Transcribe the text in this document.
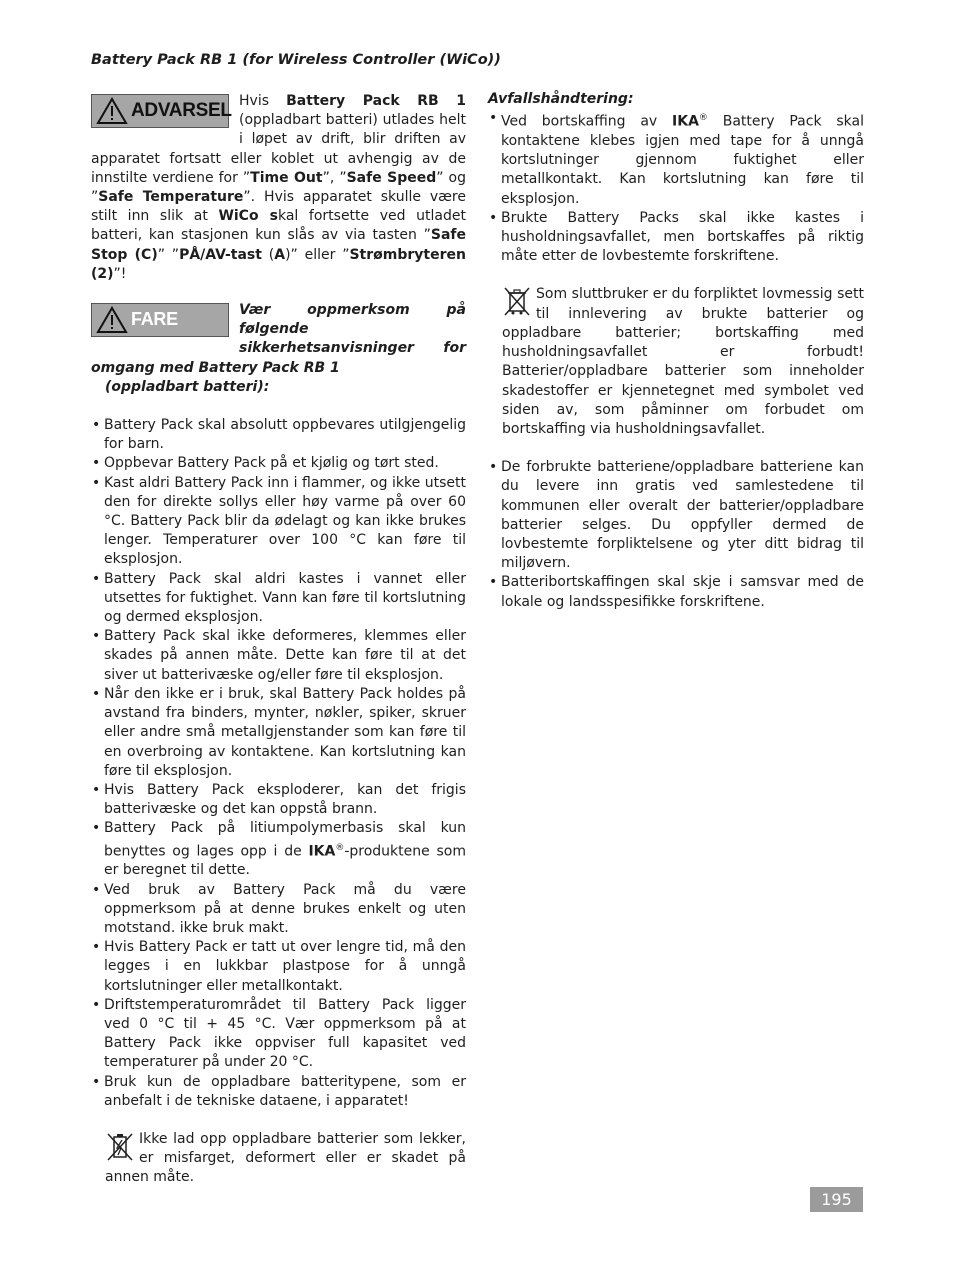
Battery Pack RB 1 (for Wireless Controller (WiCo))
ADVARSEL Hvis Battery Pack RB 1 (oppladbart batteri) utlades helt i løpet av drift, blir driften av apparatet fortsatt eller koblet ut avhengig av de innstilte verdiene for ”Time Out”, ”Safe Speed” og ”Safe Temperature”. Hvis apparatet skulle være stilt inn slik at WiCo skal fortsette ved utladet batteri, kan stasjonen kun slås av via tasten ”Safe Stop (C)” ”PÅ/AV-tast (A)” eller ”Strømbryteren (2)”!

FARE	Vær oppmerksom på følgende sikkerhetsanvisninger for omgang med Battery Pack RB 1

(oppladbart batteri):

• Battery Pack skal absolutt oppbevares utilgjengelig for barn.
• Oppbevar Battery Pack på et kjølig og tørt sted.
• Kast aldri Battery Pack inn i flammer, og ikke utsett den for direkte sollys eller høy varme på over 60 °C. Battery Pack blir da ødelagt og kan ikke brukes lenger. Temperaturer over 100 °C kan føre til eksplosjon.
• Battery Pack skal aldri kastes i vannet eller utsettes for fuktighet. Vann kan føre til kortslutning og dermed eksplosjon.
• Battery Pack skal ikke deformeres, klemmes eller skades på annen måte. Dette kan føre til at det siver ut batterivæske og/eller føre til eksplosjon.
• Når den ikke er i bruk, skal Battery Pack holdes på avstand fra binders, mynter, nøkler, spiker, skruer eller andre små metallgjenstander som kan føre til en overbroing av kontaktene. Kan kortslutning kan føre til eksplosjon.
• Hvis Battery Pack eksploderer, kan det frigis batterivæske og det kan oppstå brann.
• Battery Pack på litiumpolymerbasis skal kun benyttes og lages opp i de IKA®-produktene som er beregnet til dette.
• Ved bruk av Battery Pack må du være oppmerksom på at denne brukes enkelt og uten motstand. ikke bruk makt.
• Hvis Battery Pack er tatt ut over lengre tid, må den legges i en lukkbar plastpose for å unngå kortslutninger eller metallkontakt.
• Driftstemperaturområdet til Battery Pack ligger ved 0 °C til + 45 °C. Vær oppmerksom på at Battery Pack ikke oppviser full kapasitet ved temperaturer på under 20 °C.
• Bruk kun de oppladbare batteritypene, som er anbefalt i de tekniske dataene, i apparatet!
Ikke lad opp oppladbare batterier som lekker, er misfarget, deformert eller er skadet på annen måte.

Avfallshåndtering:

• Ved bortskaffing av IKA® Battery Pack skal kontaktene klebes igjen med tape for å unngå kortslutninger gjennom fuktighet eller metallkontakt. Kan kortslutning kan føre til eksplosjon.
• Brukte Battery Packs skal ikke kastes i husholdningsavfallet, men bortskaffes på riktig måte etter de lovbestemte forskriftene.
Som sluttbruker er du forpliktet lovmessig sett til innlevering av brukte batterier og oppladbare batterier; bortskaffing med husholdningsavfallet er forbudt! Batterier/oppladbare batterier som inneholder skadestoffer er kjennetegnet med symbolet ved siden av, som påminner om forbudet om bortskaffing via husholdningsavfallet.
• De forbrukte batteriene/oppladbare batteriene kan du levere inn gratis ved samlestedene til kommunen eller overalt der batterier/oppladbare batterier selges. Du oppfyller dermed de lovbestemte forpliktelsene og yter ditt bidrag til miljøvern.
• Batteribortskaffingen skal skje i samsvar med de lokale og landsspesifikke forskriftene.
195
